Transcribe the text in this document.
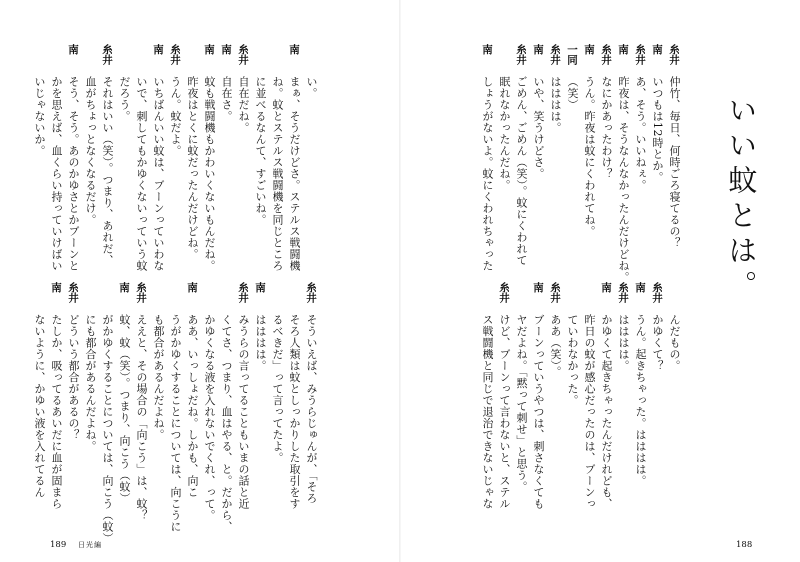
い。
南
まぁ、そうだけどさ。ステルス戦闘機
ね。蚊とステルス戦闘機を同じところ
に並べるなんて、すごいね。
糸井
自在だね。
南
自在さ。
南
蚊も戦闘機もかわいくないもんだね。
昨夜はとくに蚊だったんだけどね。
糸井
うん。蚊だよ。
南
いちばんいい蚊は、ブーンっていわな
いで、刺してもかゆくないっていう蚊
だろう。
糸井
それはいい（笑）。つまり、あれだ、
血がちょっとなくなるだけ。
南
そう、そう。あのかゆさとかブーンと
かを思えば、血くらい持っていけばい
いじゃないか。
糸井
そういえば、みうらじゅんが、「そろ
そろ人類は蚊としっかりした取引をす
るべきだ」って言ってたよ。
南
はははは。
糸井
みうらの言ってることもいまの話と近
くてさ、つまり、血はやる、と。だから、
かゆくなる液を入れないでくれ、って。
南
ああ、いっしょだね。しかも、向こ
うがかゆくすることについては、向こうに
も都合があるんだよね。
糸井
ええと、その場合の「向こう」は、蚊？
南
蚊、蚊（笑）。つまり、向こう（蚊）
がかゆくすることについては、向こう（蚊）
にも都合があるんだよね。
糸井
どういう都合があるの？
南
たしか、吸ってるあいだに血が固まら
ないように、かゆい液を入れてるん
189 日光編
糸井
仲竹、毎日、何時ごろ寝てるの？
南
いつもは12時とか。
糸井
あ、そう。いいねぇ。
南
昨夜は、そうなんなかったんだけどね。
糸井
なにかあったわけ？
南
うん。昨夜は蚊にくわれてね。
一同
（笑）
糸井
はははは。
南
いや、笑うけどさ。
糸井
ごめん、ごめん（笑）。蚊にくわれて
眠れなかったんだね。
南
しょうがないよ。蚊にくわれちゃった
んだもの。
糸井
かゆくて？
南
うん。起きちゃった。はははは。
糸井
はははは。
南
かゆくて起きちゃったんだけれども、
昨日の蚊が感心だったのは、ブーンっ
ていわなかった。
糸井
ああ（笑）。
南
ブーンっていうやつは、刺さなくても
ヤだよね。「黙って刺せ」と思う。
糸井
けど、ブーンって言わないと、ステル
ス戦闘機と同じで退治できないじゃな
188
いい蚊とは。
